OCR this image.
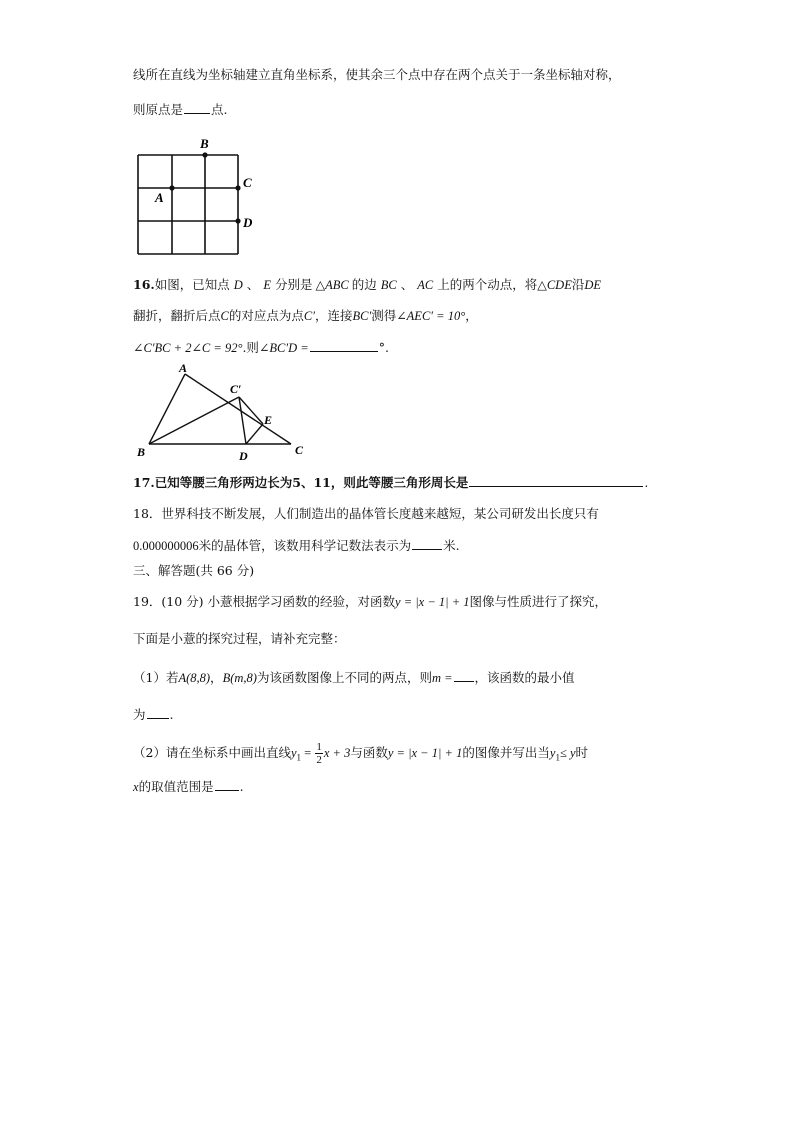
线所在直线为坐标轴建立直角坐标系，使其余三个点中存在两个点关于一条坐标轴对称，
则原点是 点.
B
A
C
D
16.如图，已知点 D 、 E 分别是 △ABC 的边 BC 、 AC 上的两个动点，将△CDE沿DE
翻折，翻折后点C的对应点为点C′，连接BC′测得∠AEC′ = 10°，
∠C′BC + 2∠C = 92°.则∠BC′D =	°.
A
C′
E
B	D	C
17.已知等腰三角形两边长为5、11，则此等腰三角形周长是	.
18．世界科技不断发展，人们制造出的晶体管长度越来越短，某公司研发出长度只有
0.000000006米的晶体管，该数用科学记数法表示为	米.
三、解答题(共 66 分)
19．(10 分) 小薏根据学习函数的经验，对函数y = |x − 1| + 1图像与性质进行了探究，
下面是小薏的探究过程，请补充完整：
（1）若A(8,8)，B(m,8)为该函数图像上不同的两点，则m = ，该函数的最小值
为 .
（2）请在坐标系中画出直线$y_1 = \frac{1}{2}$ x + 3与函数y = |x − 1| + 1的图像并写出当$y_1\le y$时
x的取值范围是 .
